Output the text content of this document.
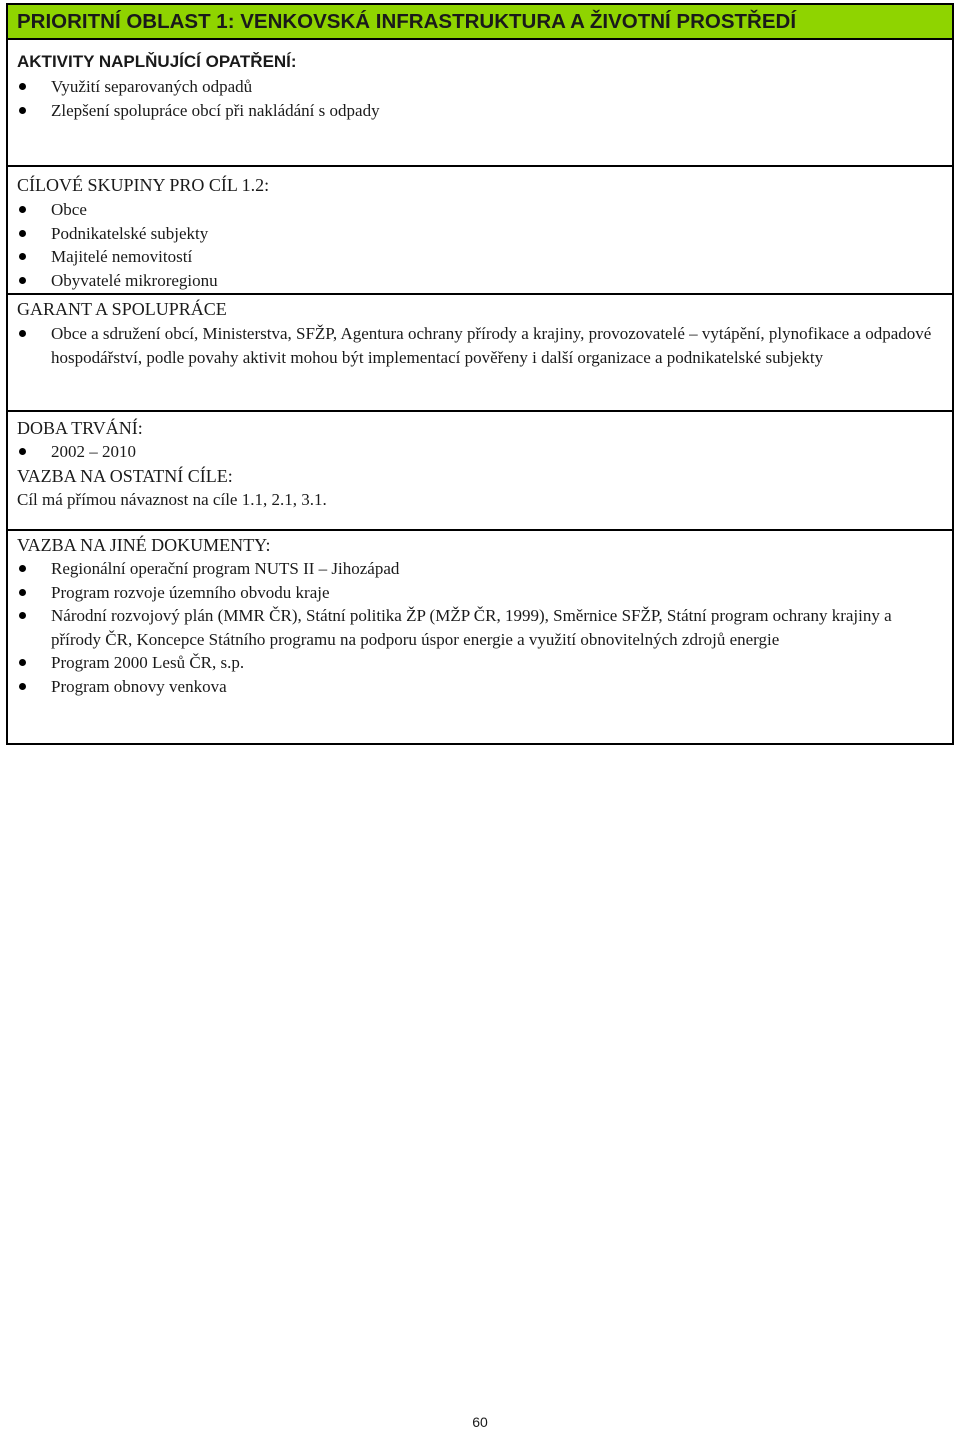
PRIORITNÍ OBLAST 1: VENKOVSKÁ INFRASTRUKTURA A ŽIVOTNÍ PROSTŘEDÍ

AKTIVITY NAPLŇUJÍCÍ OPATŘENÍ:

Využití separovaných odpadů
Zlepšení spolupráce obcí při nakládání s odpady

CÍLOVÉ SKUPINY PRO CÍL 1.2:

Obce
Podnikatelské subjekty
Majitelé nemovitostí
Obyvatelé mikroregionu

GARANT A SPOLUPRÁCE

Obce a sdružení obcí, Ministerstva, SFŽP, Agentura ochrany přírody a krajiny, provozovatelé – vytápění, plynofikace a odpadové hospodářství, podle povahy aktivit mohou být implementací pověřeny i další organizace a podnikatelské subjekty

DOBA TRVÁNÍ:

2002 – 2010

VAZBA NA OSTATNÍ CÍLE:

Cíl má přímou návaznost na cíle 1.1, 2.1, 3.1.

VAZBA NA JINÉ DOKUMENTY:

Regionální operační program NUTS II – Jihozápad
Program rozvoje územního obvodu kraje
Národní rozvojový plán (MMR ČR), Státní politika ŽP (MŽP ČR, 1999), Směrnice SFŽP, Státní program ochrany krajiny a přírody ČR, Koncepce Státního programu na podporu úspor energie a využití obnovitelných zdrojů energie
Program 2000 Lesů ČR, s.p.
Program obnovy venkova
60
